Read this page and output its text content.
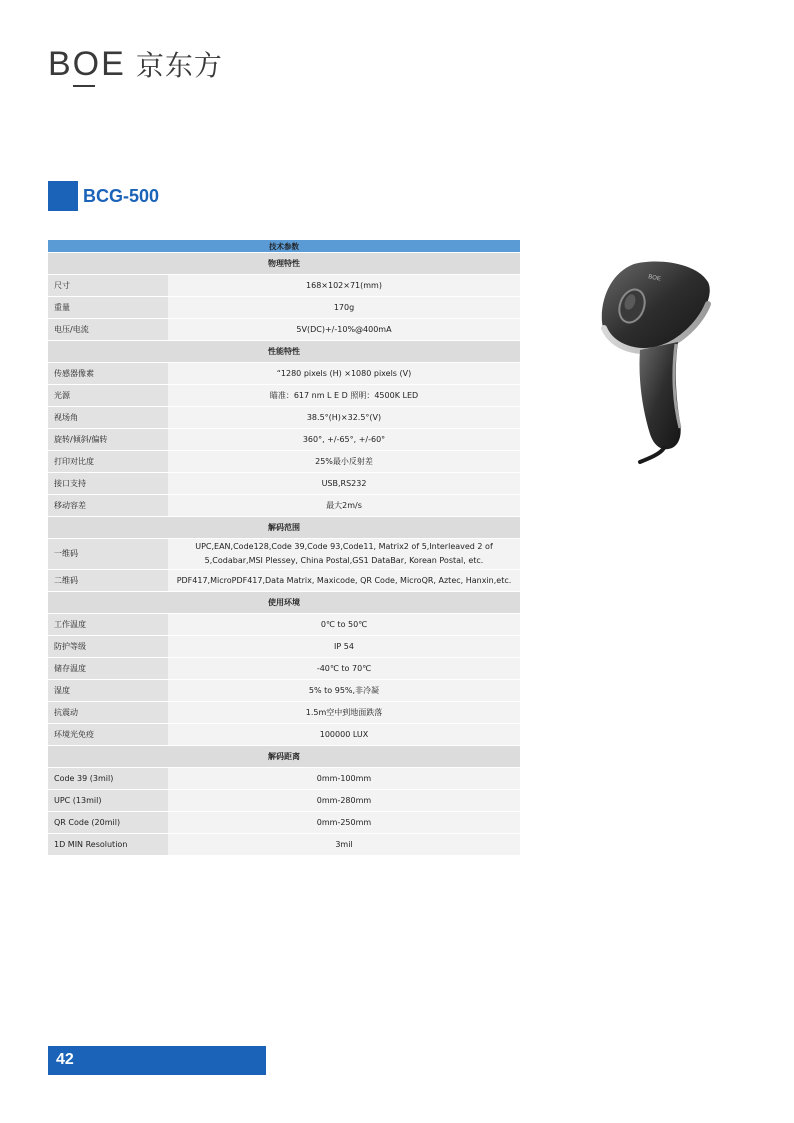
BOE 京东方
BCG-500
技术参数	
物理特性	
尺寸	168×102×71(mm)
重量	170g
电压/电流	5V(DC)+/-10%@400mA
性能特性	
传感器像素	“1280 pixels (H) ×1080 pixels (V)
光源	瞄准：617 nm L E D 照明：4500K LED
视场角	38.5°(H)×32.5°(V)
旋转/倾斜/偏转	360°, +/-65°, +/-60°
打印对比度	25%最小反射差
接口支持	USB,RS232
移动容差	最大2m/s
解码范围	
一维码	UPC,EAN,Code128,Code 39,Code 93,Code11, Matrix2 of 5,Interleaved 2 of
5,Codabar,MSI Plessey, China Postal,GS1 DataBar, Korean Postal, etc.

二维码	PDF417,MicroPDF417,Data Matrix, Maxicode, QR Code, MicroQR, Aztec, Hanxin,etc.
使用环境	
工作温度	0℃ to 50℃
防护等级	IP 54
储存温度	-40℃ to 70℃
湿度	5% to 95%,非冷凝
抗震动	1.5m空中到地面跌落
环境光免疫	100000 LUX
解码距离	
Code 39 (3mil)	0mm-100mm
UPC (13mil)	0mm-280mm
QR Code (20mil)	0mm-250mm
1D MIN Resolution	3mil
BOE
42
